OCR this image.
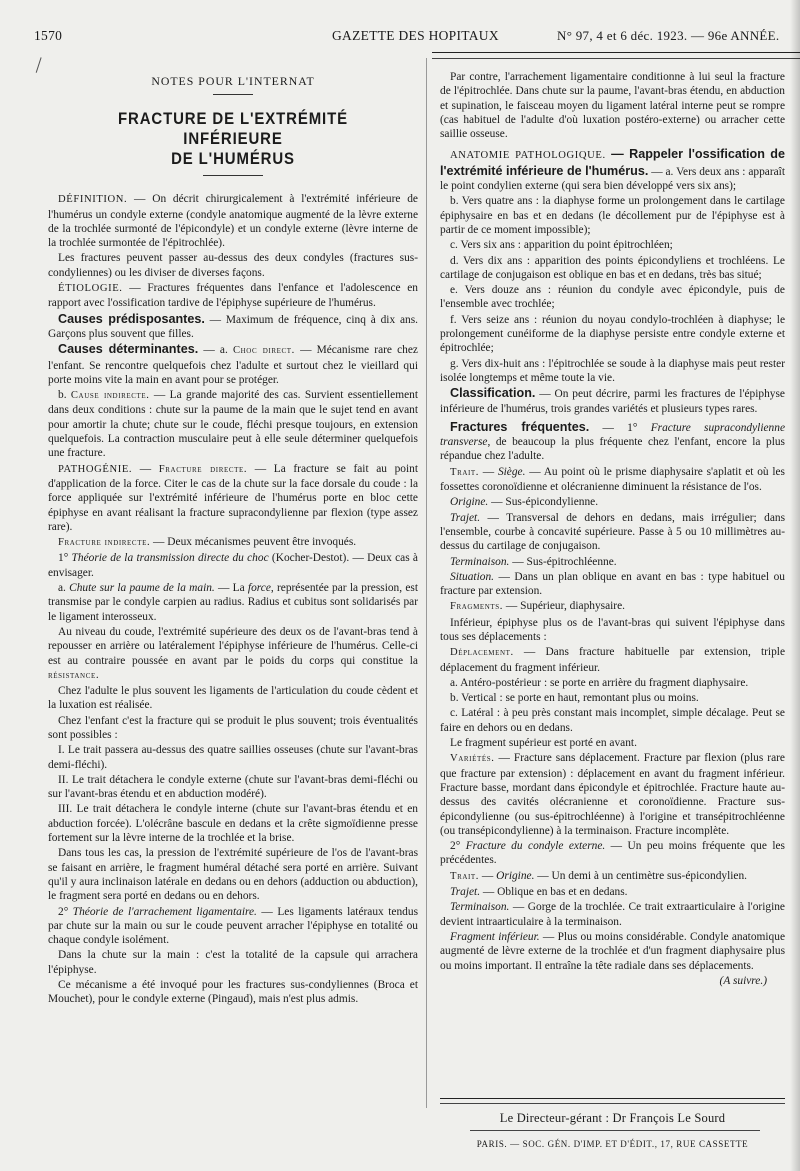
1570	GAZETTE DES HOPITAUX	N° 97, 4 et 6 déc. 1923. — 96e ANNÉE.
NOTES POUR L'INTERNAT
FRACTURE DE L'EXTRÉMITÉ INFÉRIEURE
DE L'HUMÉRUS

DÉFINITION. — On décrit chirurgicalement à l'extrémité inférieure de l'humérus un condyle externe (condyle anatomique augmenté de la lèvre externe de la trochlée surmonté de l'épicondyle) et un condyle externe (lèvre interne de la trochlée surmontée de l'épitrochlée).

Les fractures peuvent passer au-dessus des deux condyles (fractures sus-condyliennes) ou les diviser de diverses façons.

ÉTIOLOGIE. — Fractures fréquentes dans l'enfance et l'adolescence en rapport avec l'ossification tardive de l'épiphyse supérieure de l'humérus.

Causes prédisposantes. — Maximum de fréquence, cinq à dix ans. Garçons plus souvent que filles.

Causes déterminantes. — a. Choc direct. — Mécanisme rare chez l'enfant. Se rencontre quelquefois chez l'adulte et surtout chez le vieillard qui porte moins vite la main en avant pour se protéger.

b. Cause indirecte. — La grande majorité des cas. Survient essentiellement dans deux conditions : chute sur la paume de la main que le sujet tend en avant pour amortir la chute; chute sur le coude, fléchi presque toujours, en extension quelquefois. La contraction musculaire peut à elle seule déterminer quelquefois une fracture.

PATHOGÉNIE. — Fracture directe. — La fracture se fait au point d'application de la force. Citer le cas de la chute sur la face dorsale du coude : la force appliquée sur l'extrémité inférieure de l'humérus porte en bloc cette épiphyse en avant réalisant la fracture supracondylienne par flexion (type assez rare).

Fracture indirecte. — Deux mécanismes peuvent être invoqués.

1° Théorie de la transmission directe du choc (Kocher-Destot). — Deux cas à envisager.

a. Chute sur la paume de la main. — La force, représentée par la pression, est transmise par le condyle carpien au radius. Radius et cubitus sont solidarisés par le ligament interosseux.

Au niveau du coude, l'extrémité supérieure des deux os de l'avant-bras tend à repousser en arrière ou latéralement l'épiphyse inférieure de l'humérus. Celle-ci est au contraire poussée en avant par le poids du corps qui constitue la résistance.

Chez l'adulte le plus souvent les ligaments de l'articulation du coude cèdent et la luxation est réalisée.

Chez l'enfant c'est la fracture qui se produit le plus souvent; trois éventualités sont possibles :

I. Le trait passera au-dessus des quatre saillies osseuses (chute sur l'avant-bras demi-fléchi).

II. Le trait détachera le condyle externe (chute sur l'avant-bras demi-fléchi ou sur l'avant-bras étendu et en abduction modéré).

III. Le trait détachera le condyle interne (chute sur l'avant-bras étendu et en abduction forcée). L'olécrâne bascule en dedans et la crête sigmoïdienne presse fortement sur la lèvre interne de la trochlée et la brise.

Dans tous les cas, la pression de l'extrémité supérieure de l'os de l'avant-bras se faisant en arrière, le fragment huméral détaché sera porté en arrière. Suivant qu'il y aura inclinaison latérale en dedans ou en dehors (adduction ou abduction), le fragment sera porté en dedans ou en dehors.

2° Théorie de l'arrachement ligamentaire. — Les ligaments latéraux tendus par chute sur la main ou sur le coude peuvent arracher l'épiphyse en totalité ou chaque condyle isolément.

Dans la chute sur la main : c'est la totalité de la capsule qui arrachera l'épiphyse.

Ce mécanisme a été invoqué pour les fractures sus-condyliennes (Broca et Mouchet), pour le condyle externe (Pingaud), mais n'est plus admis.

Par contre, l'arrachement ligamentaire conditionne à lui seul la fracture de l'épitrochlée. Dans chute sur la paume, l'avant-bras étendu, en abduction et supination, le faisceau moyen du ligament latéral interne peut se rompre (cas habituel de l'adulte d'où luxation postéro-externe) ou arracher cette saillie osseuse.

ANATOMIE PATHOLOGIQUE. — Rappeler l'ossification de l'extrémité inférieure de l'humérus. — a. Vers deux ans : apparaît le point condylien externe (qui sera bien développé vers six ans);

b. Vers quatre ans : la diaphyse forme un prolongement dans le cartilage épiphysaire en bas et en dedans (le décollement pur de l'épiphyse est à partir de ce moment impossible);

c. Vers six ans : apparition du point épitrochléen;

d. Vers dix ans : apparition des points épicondyliens et trochléens. Le cartilage de conjugaison est oblique en bas et en dedans, très bas situé;

e. Vers douze ans : réunion du condyle avec épicondyle, puis de l'ensemble avec trochlée;

f. Vers seize ans : réunion du noyau condylo-trochléen à diaphyse; le prolongement cunéiforme de la diaphyse persiste entre condyle externe et épitrochlée;

g. Vers dix-huit ans : l'épitrochlée se soude à la diaphyse mais peut rester isolée longtemps et même toute la vie.

Classification. — On peut décrire, parmi les fractures de l'épiphyse inférieure de l'humérus, trois grandes variétés et plusieurs types rares.

Fractures fréquentes. — 1° Fracture supracondylienne transverse, de beaucoup la plus fréquente chez l'enfant, encore la plus répandue chez l'adulte.

Trait. — Siège. — Au point où le prisme diaphysaire s'aplatit et où les fossettes coronoïdienne et olécranienne diminuent la résistance de l'os.

Origine. — Sus-épicondylienne.

Trajet. — Transversal de dehors en dedans, mais irrégulier; dans l'ensemble, courbe à concavité supérieure. Passe à 5 ou 10 millimètres au-dessus du cartilage de conjugaison.

Terminaison. — Sus-épitrochléenne.

Situation. — Dans un plan oblique en avant en bas : type habituel ou fracture par extension.

Fragments. — Supérieur, diaphysaire.

Inférieur, épiphyse plus os de l'avant-bras qui suivent l'épiphyse dans tous ses déplacements :

Déplacement. — Dans fracture habituelle par extension, triple déplacement du fragment inférieur.

a. Antéro-postérieur : se porte en arrière du fragment diaphysaire.

b. Vertical : se porte en haut, remontant plus ou moins.

c. Latéral : à peu près constant mais incomplet, simple décalage. Peut se faire en dehors ou en dedans.

Le fragment supérieur est porté en avant.

Variétés. — Fracture sans déplacement. Fracture par flexion (plus rare que fracture par extension) : déplacement en avant du fragment inférieur. Fracture basse, mordant dans épicondyle et épitrochlée. Fracture haute au-dessus des cavités olécranienne et coronoïdienne. Fracture sus-épicondylienne (ou sus-épitrochléenne) à l'origine et transépitrochléenne (ou transépicondylienne) à la terminaison. Fracture incomplète.

2° Fracture du condyle externe. — Un peu moins fréquente que les précédentes.

Trait. — Origine. — Un demi à un centimètre sus-épicondylien.

Trajet. — Oblique en bas et en dedans.

Terminaison. — Gorge de la trochlée. Ce trait extraarticulaire à l'origine devient intraarticulaire à la terminaison.

Fragment inférieur. — Plus ou moins considérable. Condyle anatomique augmenté de lèvre externe de la trochlée et d'un fragment diaphysaire plus ou moins important. Il entraîne la tête radiale dans ses déplacements.

(A suivre.)

Le Directeur-gérant : Dr François Le Sourd
PARIS. — SOC. GÉN. D'IMP. ET D'ÉDIT., 17, RUE CASSETTE
